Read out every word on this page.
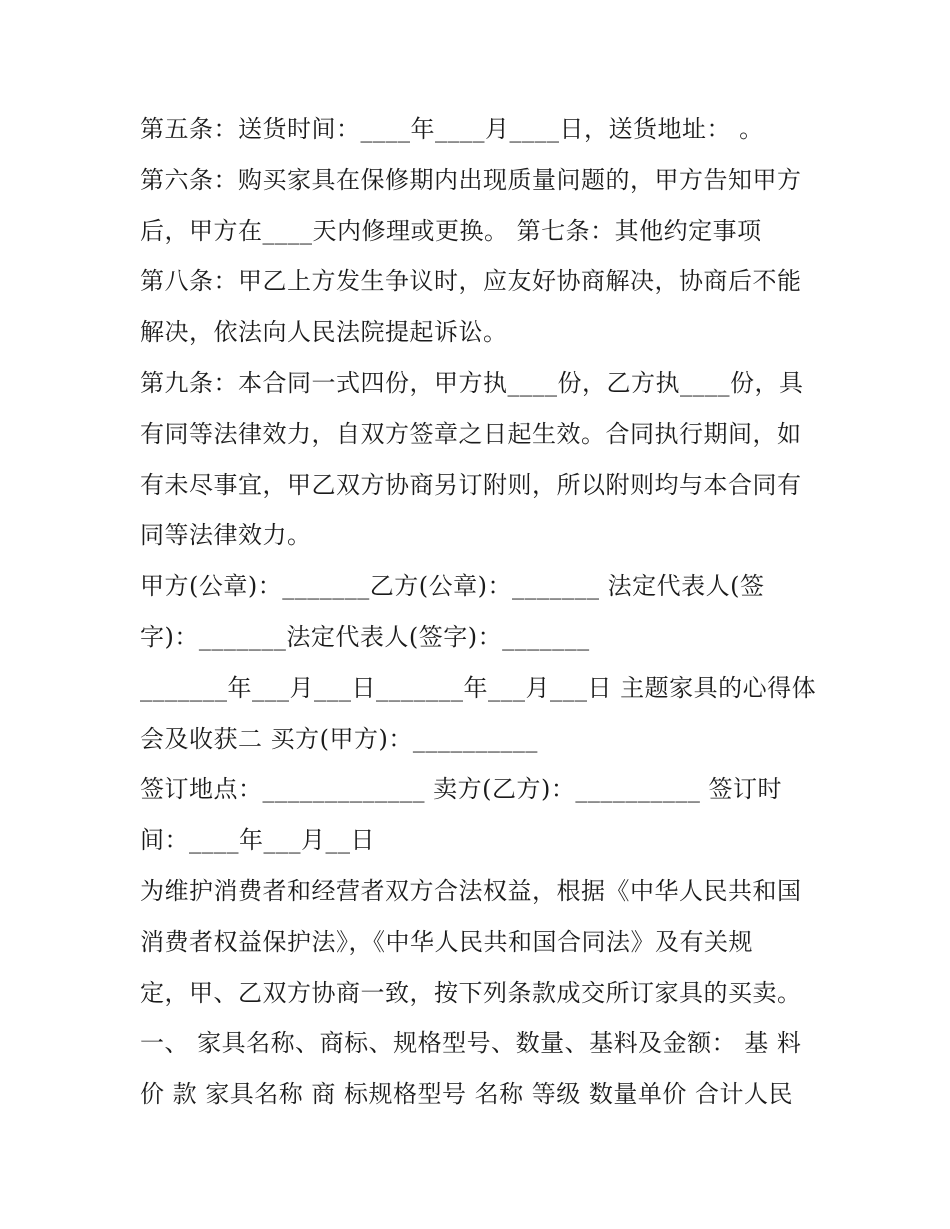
第五条：送货时间：____年____月____日，送货地址： 。
第六条：购买家具在保修期内出现质量问题的，甲方告知甲方
后，甲方在____天内修理或更换。 第七条：其他约定事项
第八条：甲乙上方发生争议时，应友好协商解决，协商后不能
解决，依法向人民法院提起诉讼。
第九条：本合同一式四份，甲方执____份，乙方执____份，具
有同等法律效力，自双方签章之日起生效。合同执行期间，如
有未尽事宜，甲乙双方协商另订附则，所以附则均与本合同有
同等法律效力。
甲方(公章)：_______乙方(公章)：_______ 法定代表人(签
字)：_______法定代表人(签字)：_______
_______年___月___日_______年___月___日 主题家具的心得体
会及收获二 买方(甲方)：__________
签订地点：_____________ 卖方(乙方)：__________ 签订时
间：____年___月__日
为维护消费者和经营者双方合法权益，根据《中华人民共和国
消费者权益保护法》，《中华人民共和国合同法》及有关规
定，甲、乙双方协商一致，按下列条款成交所订家具的买卖。
一、 家具名称、商标、规格型号、数量、基料及金额： 基 料
价 款 家具名称 商 标规格型号 名称 等级 数量单价 合计人民
